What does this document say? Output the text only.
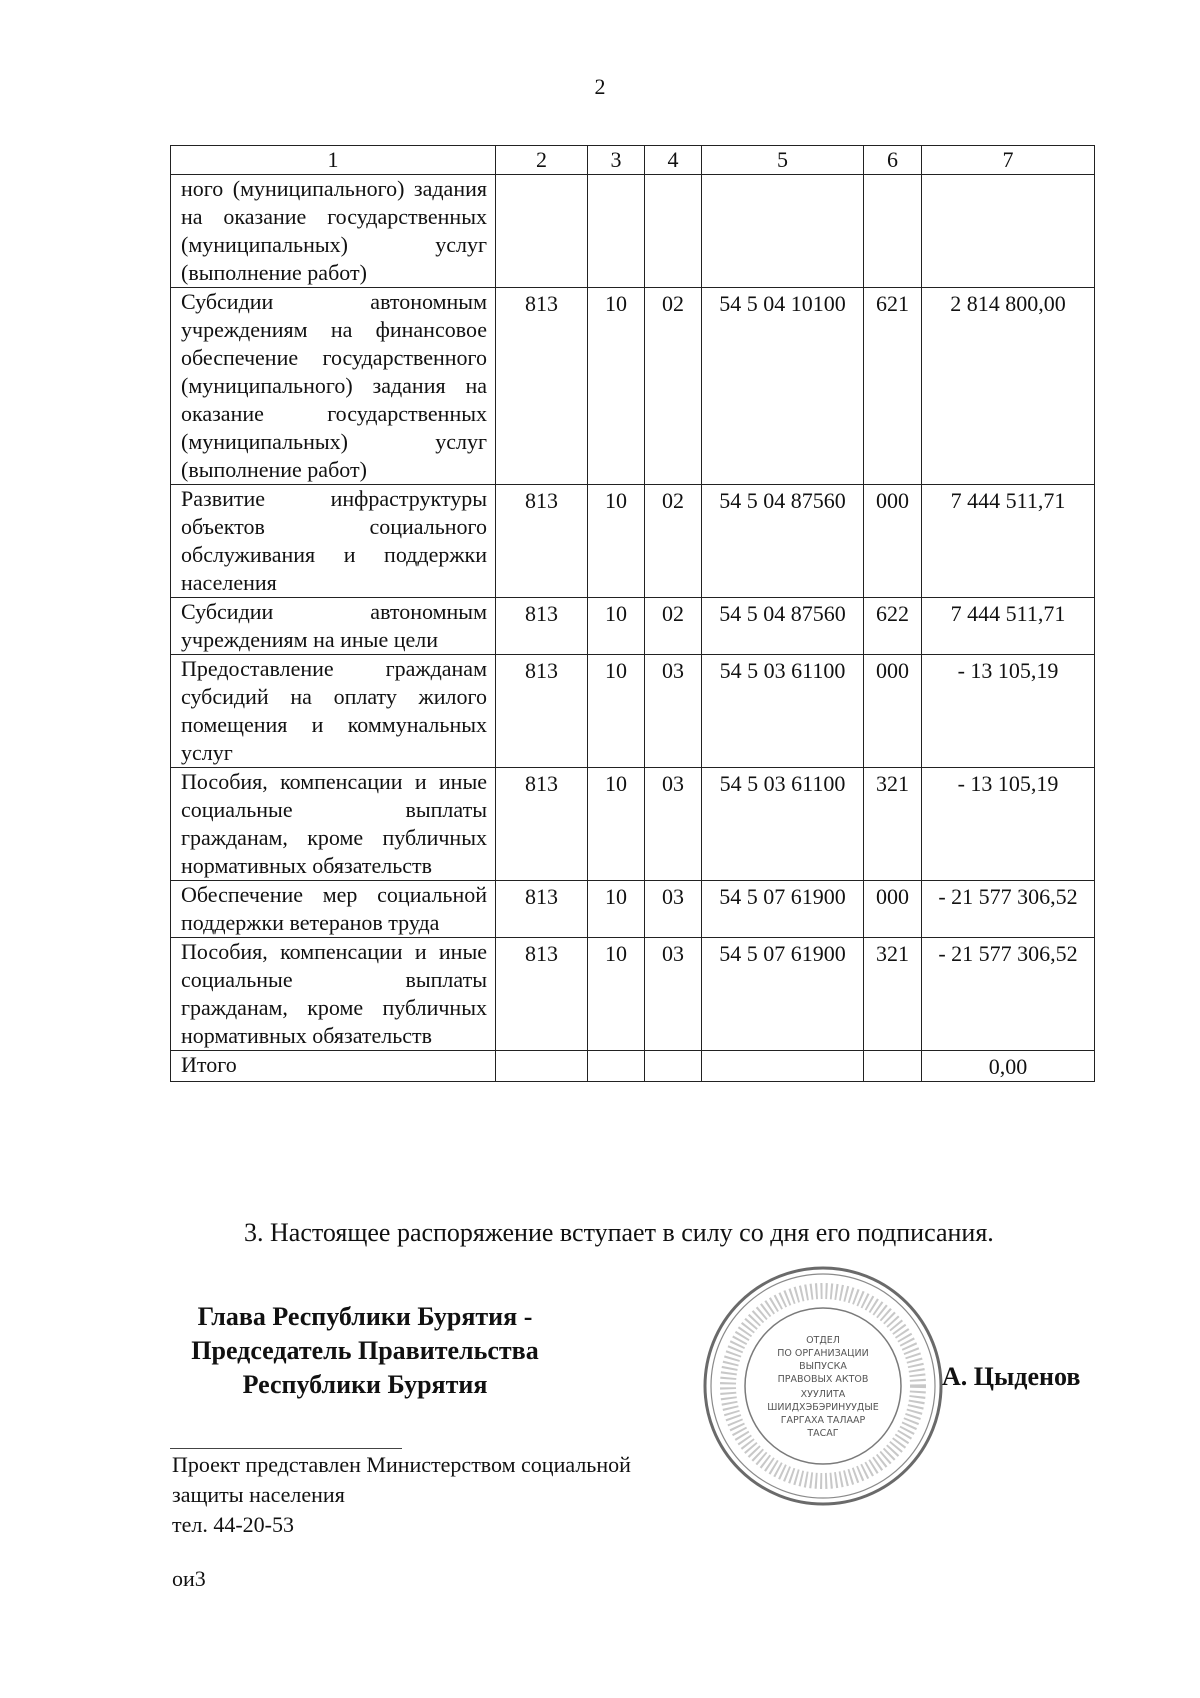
2
1	2	3	4	5	6	7
ного (муниципального) задания на оказание государственных (муниципальных) услуг (выполнение работ)						
Субсидии автономным учреждениям на финансовое обеспечение государственного (муниципального) задания на оказание государственных (муниципальных) услуг (выполнение работ)	813	10	02	54 5 04 10100	621	2 814 800,00
Развитие инфраструктуры объектов социального обслуживания и поддержки населения	813	10	02	54 5 04 87560	000	7 444 511,71
Субсидии автономным учреждениям на иные цели	813	10	02	54 5 04 87560	622	7 444 511,71
Предоставление гражданам субсидий на оплату жилого помещения и коммунальных услуг	813	10	03	54 5 03 61100	000	- 13 105,19
Пособия, компенсации и иные социальные выплаты гражданам, кроме публичных нормативных обязательств	813	10	03	54 5 03 61100	321	- 13 105,19
Обеспечение мер социальной поддержки ветеранов труда	813	10	03	54 5 07 61900	000	- 21 577 306,52
Пособия, компенсации и иные социальные выплаты гражданам, кроме публичных нормативных обязательств	813	10	03	54 5 07 61900	321	- 21 577 306,52
Итого						0,00
3. Настоящее распоряжение вступает в силу со дня его подписания.
Глава Республики Бурятия -
Председатель Правительства
Республики Бурятия
ОТДЕЛ
ПО ОРГАНИЗАЦИИ
ВЫПУСКА
ПРАВОВЫХ АКТОВ
ХУУЛИТА
ШИИДХЭБЭРИНУУДЫЕ
ГАРГАХА ТАЛААР
ТАСАГ
А. Цыденов
Проект представлен Министерством социальной
защиты населения
тел. 44-20-53
ои3
